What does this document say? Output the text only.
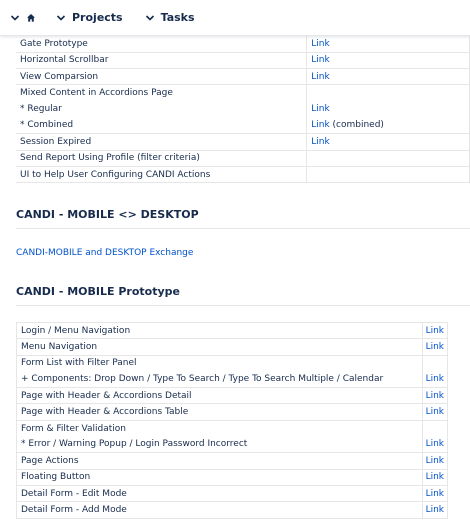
Projects	Tasks
Gate Prototype	Link
Horizontal Scrollbar	Link
View Comparsion	Link
Mixed Content in Accordions Page	
* Regular	Link
* Combined	Link (combined)
Session Expired	Link
Send Report Using Profile (filter criteria)	
UI to Help User Configuring CANDI Actions	
CANDI - MOBILE <> DESKTOP
CANDI-MOBILE and DESKTOP Exchange
CANDI - MOBILE Prototype
Login / Menu Navigation	Link
Menu Navigation	Link
Form List with Filter Panel	
+ Components: Drop Down / Type To Search / Type To Search Multiple / Calendar	Link
Page with Header & Accordions Detail	Link
Page with Header & Accordions Table	Link
Form & Filter Validation	
* Error / Warning Popup / Login Password Incorrect	Link
Page Actions	Link
Floating Button	Link
Detail Form - Edit Mode	Link
Detail Form - Add Mode	Link
